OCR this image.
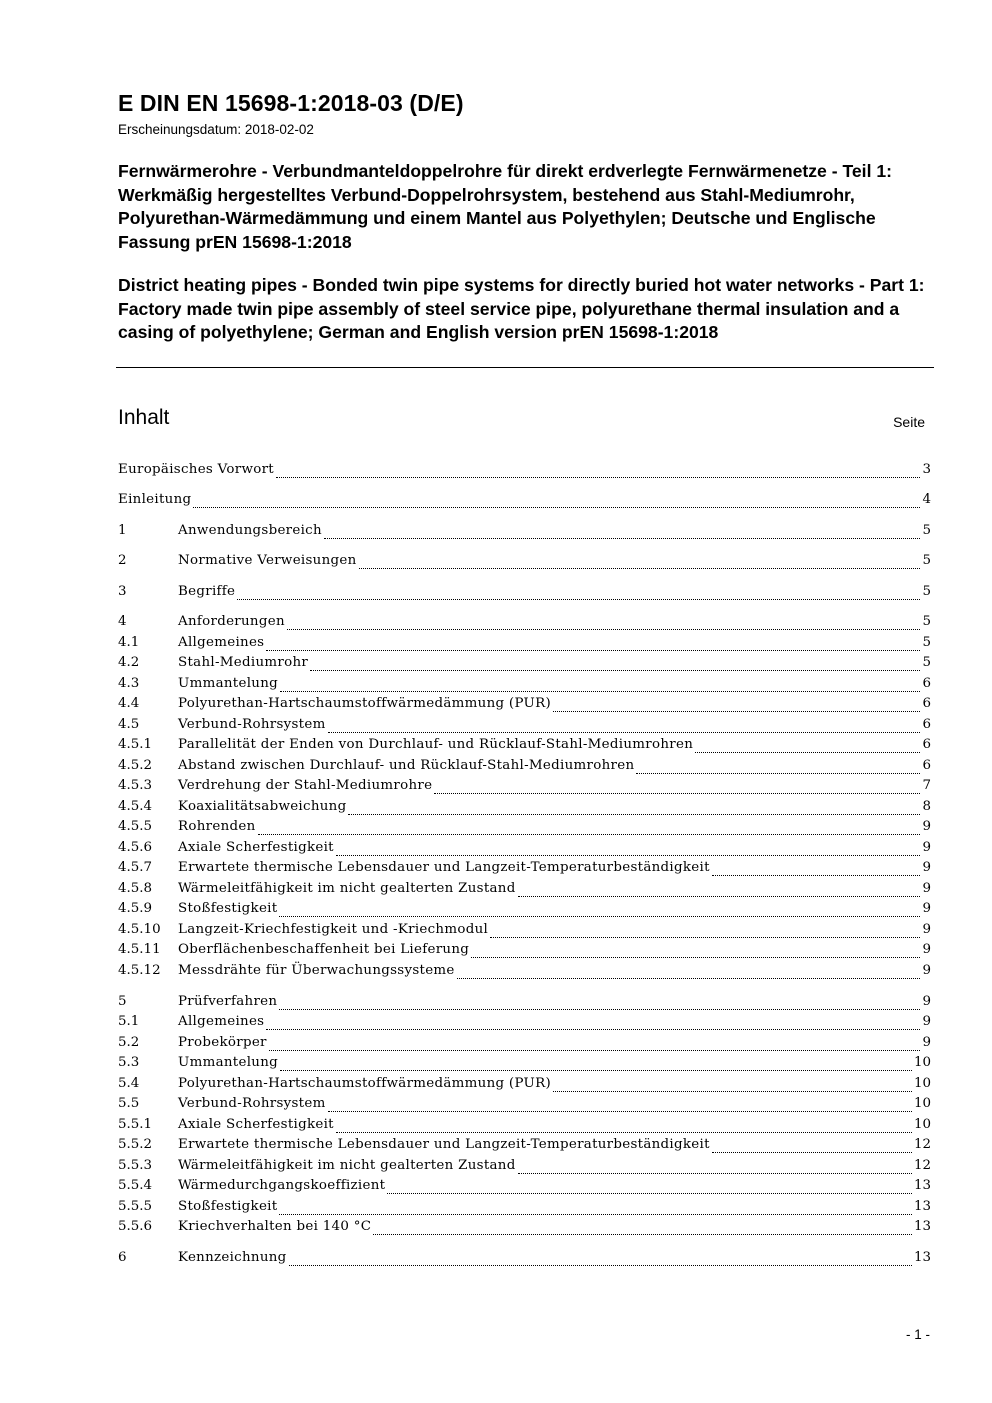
E DIN EN 15698-1:2018-03 (D/E)
Erscheinungsdatum: 2018-02-02

Fernwärmerohre - Verbundmanteldoppelrohre für direkt erdverlegte Fernwärmenetze - Teil 1: Werkmäßig hergestelltes Verbund-Doppelrohrsystem, bestehend aus Stahl-Mediumrohr, Polyurethan-Wärmedämmung und einem Mantel aus Polyethylen; Deutsche und Englische Fassung prEN 15698-1:2018

District heating pipes - Bonded twin pipe systems for directly buried hot water networks - Part 1: Factory made twin pipe assembly of steel service pipe, polyurethane thermal insulation and a casing of polyethylene; German and English version prEN 15698-1:2018

Inhalt	Seite
Europäisches Vorwort	3
Einleitung	4
1	Anwendungsbereich	5
2	Normative Verweisungen	5
3	Begriffe	5
4	Anforderungen	5
4.1	Allgemeines	5
4.2	Stahl-Mediumrohr	5
4.3	Ummantelung	6
4.4	Polyurethan-Hartschaumstoffwärmedämmung (PUR)	6
4.5	Verbund-Rohrsystem	6
4.5.1	Parallelität der Enden von Durchlauf- und Rücklauf-Stahl-Mediumrohren	6
4.5.2	Abstand zwischen Durchlauf- und Rücklauf-Stahl-Mediumrohren	6
4.5.3	Verdrehung der Stahl-Mediumrohre	7
4.5.4	Koaxialitätsabweichung	8
4.5.5	Rohrenden	9
4.5.6	Axiale Scherfestigkeit	9
4.5.7	Erwartete thermische Lebensdauer und Langzeit-Temperaturbeständigkeit	9
4.5.8	Wärmeleitfähigkeit im nicht gealterten Zustand	9
4.5.9	Stoßfestigkeit	9
4.5.10	Langzeit-Kriechfestigkeit und -Kriechmodul	9
4.5.11	Oberflächenbeschaffenheit bei Lieferung	9
4.5.12	Messdrähte für Überwachungssysteme	9
5	Prüfverfahren	9
5.1	Allgemeines	9
5.2	Probekörper	9
5.3	Ummantelung	10
5.4	Polyurethan-Hartschaumstoffwärmedämmung (PUR)	10
5.5	Verbund-Rohrsystem	10
5.5.1	Axiale Scherfestigkeit	10
5.5.2	Erwartete thermische Lebensdauer und Langzeit-Temperaturbeständigkeit	12
5.5.3	Wärmeleitfähigkeit im nicht gealterten Zustand	12
5.5.4	Wärmedurchgangskoeffizient	13
5.5.5	Stoßfestigkeit	13
5.5.6	Kriechverhalten bei 140 °C	13
6	Kennzeichnung	13
- 1 -
